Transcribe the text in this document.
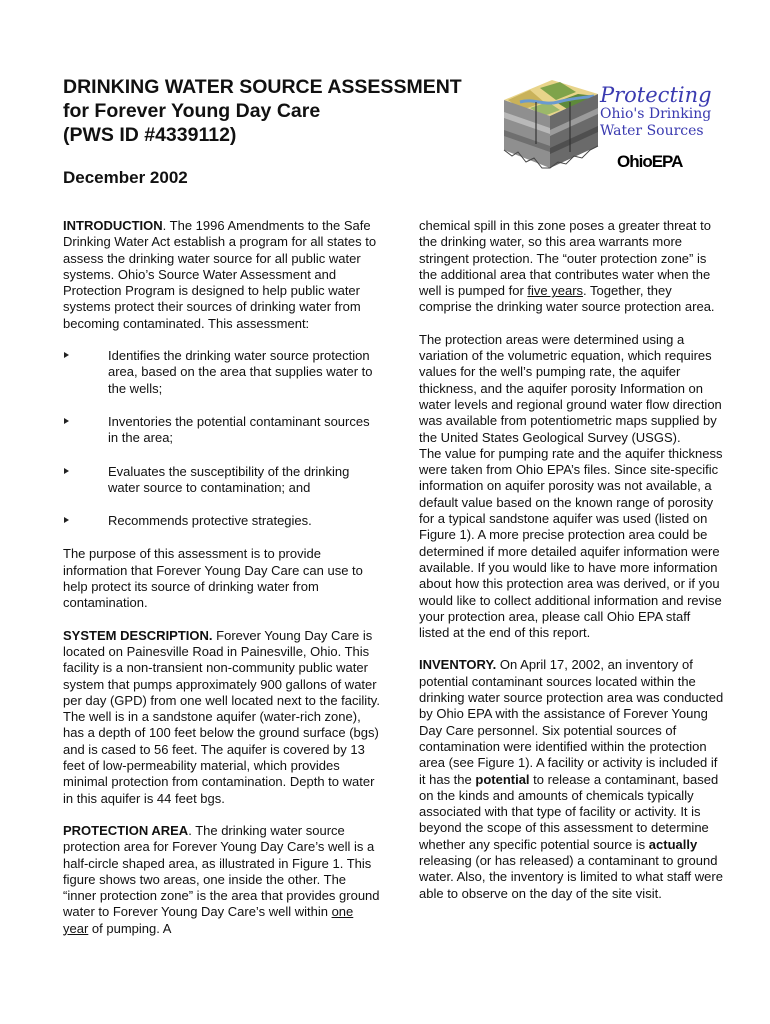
DRINKING WATER SOURCE ASSESSMENT
for Forever Young Day Care
(PWS ID #4339112)
December 2002
Protecting
Ohio's Drinking
Water Sources
OhioEPA

INTRODUCTION. The 1996 Amendments to the Safe Drinking Water Act establish a program for all states to assess the drinking water source for all public water systems. Ohio’s Source Water Assessment and Protection Program is designed to help public water systems protect their sources of drinking water from becoming contaminated. This assessment:

Identifies the drinking water source protection area, based on the area that supplies water to the wells;
Inventories the potential contaminant sources in the area;
Evaluates the susceptibility of the drinking water source to contamination; and
Recommends protective strategies.

The purpose of this assessment is to provide information that Forever Young Day Care can use to help protect its source of drinking water from contamination.

SYSTEM DESCRIPTION. Forever Young Day Care is located on Painesville Road in Painesville, Ohio. This facility is a non-transient non-community public water system that pumps approximately 900 gallons of water per day (GPD) from one well located next to the facility. The well is in a sandstone aquifer (water-rich zone), has a depth of 100 feet below the ground surface (bgs) and is cased to 56 feet. The aquifer is covered by 13 feet of low-permeability material, which provides minimal protection from contamination. Depth to water in this aquifer is 44 feet bgs.

PROTECTION AREA. The drinking water source protection area for Forever Young Day Care’s well is a half-circle shaped area, as illustrated in Figure 1. This figure shows two areas, one inside the other. The “inner protection zone” is the area that provides ground water to Forever Young Day Care’s well within one year of pumping. A

chemical spill in this zone poses a greater threat to the drinking water, so this area warrants more stringent protection. The “outer protection zone” is the additional area that contributes water when the well is pumped for five years. Together, they comprise the drinking water source protection area.

The protection areas were determined using a variation of the volumetric equation, which requires values for the well’s pumping rate, the aquifer thickness, and the aquifer porosity Information on water levels and regional ground water flow direction was available from potentiometric maps supplied by the United States Geological Survey (USGS).

The value for pumping rate and the aquifer thickness were taken from Ohio EPA’s files. Since site-specific information on aquifer porosity was not available, a default value based on the known range of porosity for a typical sandstone aquifer was used (listed on Figure 1). A more precise protection area could be determined if more detailed aquifer information were available. If you would like to have more information about how this protection area was derived, or if you would like to collect additional information and revise your protection area, please call Ohio EPA staff listed at the end of this report.

INVENTORY. On April 17, 2002, an inventory of potential contaminant sources located within the drinking water source protection area was conducted by Ohio EPA with the assistance of Forever Young Day Care personnel. Six potential sources of contamination were identified within the protection area (see Figure 1). A facility or activity is included if it has the potential to release a contaminant, based on the kinds and amounts of chemicals typically associated with that type of facility or activity. It is beyond the scope of this assessment to determine whether any specific potential source is actually releasing (or has released) a contaminant to ground water. Also, the inventory is limited to what staff were able to observe on the day of the site visit.
